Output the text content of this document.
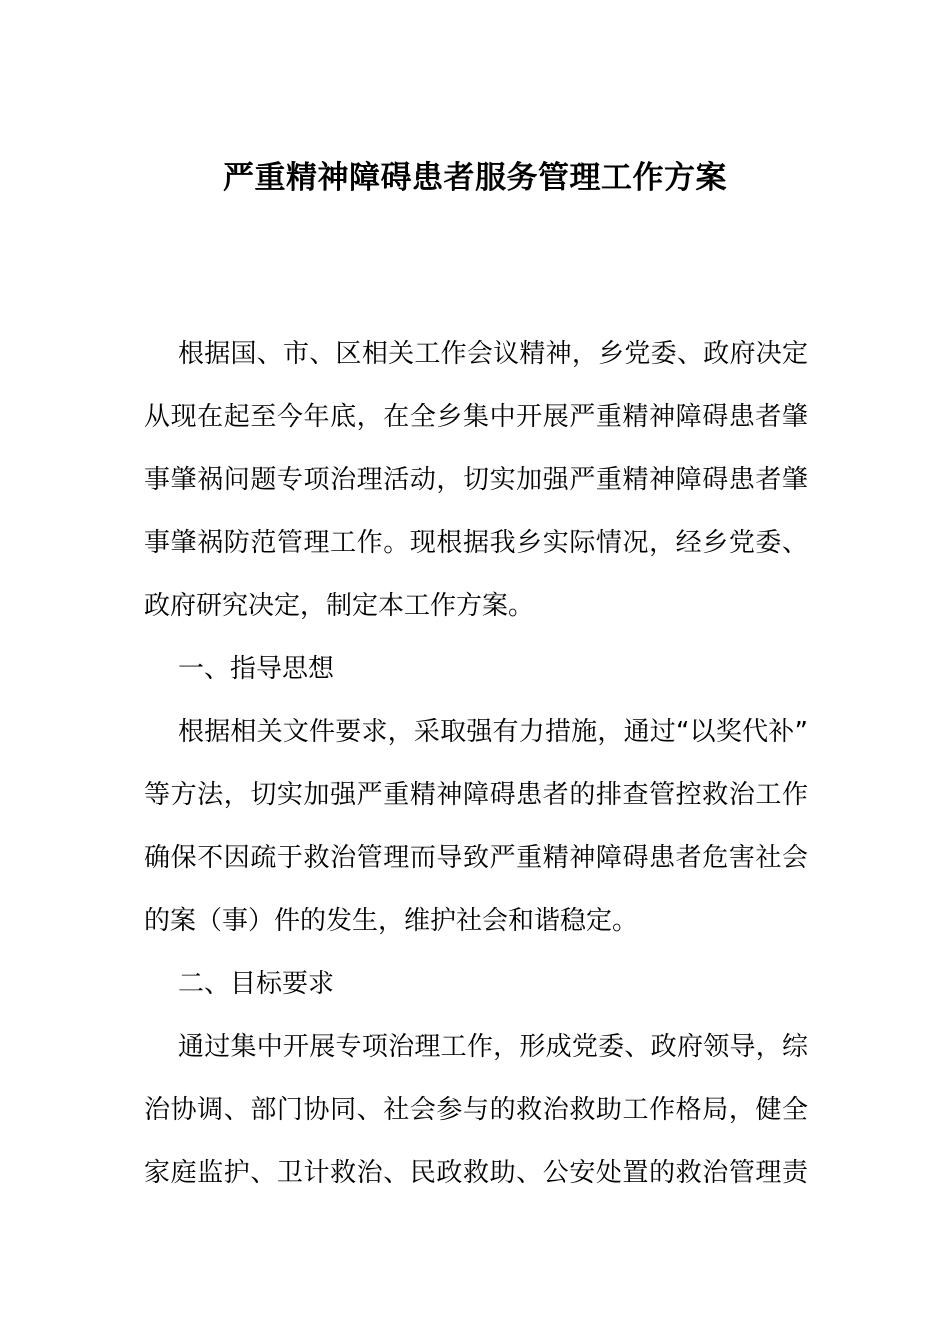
严重精神障碍患者服务管理工作方案
根据国、市、区相关工作会议精神，乡党委、政府决定
从现在起至今年底，在全乡集中开展严重精神障碍患者肇
事肇祸问题专项治理活动，切实加强严重精神障碍患者肇
事肇祸防范管理工作。现根据我乡实际情况，经乡党委、
政府研究决定，制定本工作方案。
一、指导思想
根据相关文件要求，采取强有力措施，通过“以奖代补”
等方法，切实加强严重精神障碍患者的排查管控救治工作
确保不因疏于救治管理而导致严重精神障碍患者危害社会
的案（事）件的发生，维护社会和谐稳定。
二、目标要求
通过集中开展专项治理工作，形成党委、政府领导，综
治协调、部门协同、社会参与的救治救助工作格局，健全
家庭监护、卫计救治、民政救助、公安处置的救治管理责
